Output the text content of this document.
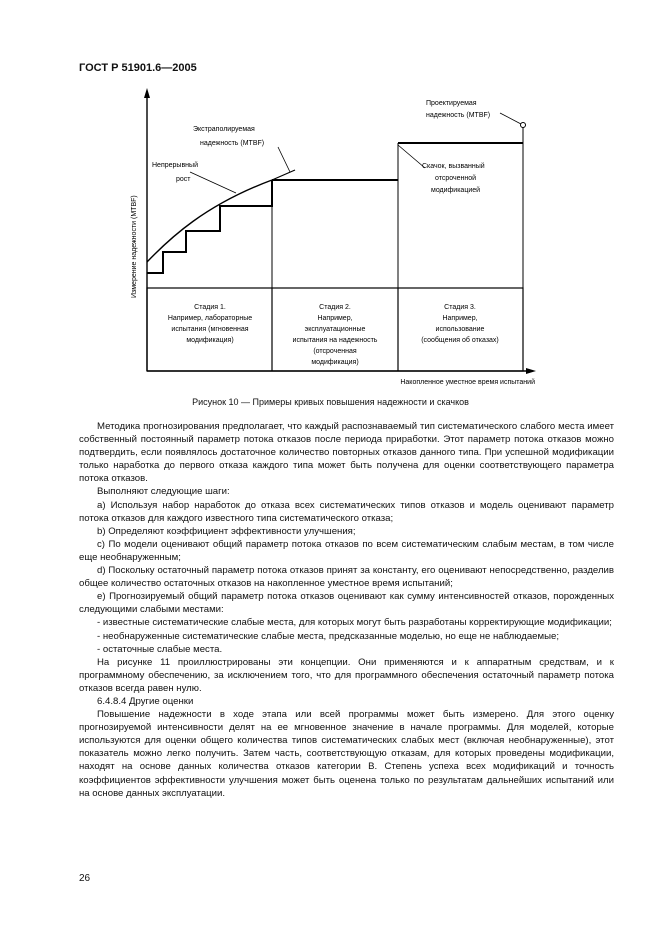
ГОСТ Р 51901.6—2005
Экстраполируемая
надежность (МТВF)
Непрерывный
рост
Проектируемая
надежность (МТВF)
Скачок, вызванный
отсроченной
модификацией
Измерение надежности (МТВF)
Стадия 1.
Например, лабораторные
испытания (мгновенная
модификация)
Стадия 2.
Например,
эксплуатационные
испытания на надежность
(отсроченная
модификация)
Стадия 3.
Например,
использование
(сообщения об отказах)
Накопленное уместное время испытаний
Рисунок 10 — Примеры кривых повышения надежности и скачков

Методика прогнозирования предполагает, что каждый распознаваемый тип систематического слабого места имеет собственный постоянный параметр потока отказов после периода приработки. Этот параметр потока отказов можно подтвердить, если появлялось достаточное количество повторных отказов данного типа. При успешной модификации только наработка до первого отказа каждого типа может быть получена для оценки соответствующего параметра потока отказов.

Выполняют следующие шаги:

а) Используя набор наработок до отказа всех систематических типов отказов и модель оценивают параметр потока отказов для каждого известного типа систематического отказа;

b) Определяют коэффициент эффективности улучшения;

с) По модели оценивают общий параметр потока отказов по всем систематическим слабым местам, в том числе еще необнаруженным;

d) Поскольку остаточный параметр потока отказов принят за константу, его оценивают непосредственно, разделив общее количество остаточных отказов на накопленное уместное время испытаний;

е) Прогнозируемый общий параметр потока отказов оценивают как сумму интенсивностей отказов, порожденных следующими слабыми местами:

- известные систематические слабые места, для которых могут быть разработаны корректирующие модификации;

- необнаруженные систематические слабые места, предсказанные моделью, но еще не наблюдаемые;

- остаточные слабые места.

На рисунке 11 проиллюстрированы эти концепции. Они применяются и к аппаратным средствам, и к программному обеспечению, за исключением того, что для программного обеспечения остаточный параметр потока отказов всегда равен нулю.

6.4.8.4 Другие оценки

Повышение надежности в ходе этапа или всей программы может быть измерено. Для этого оценку прогнозируемой интенсивности делят на ее мгновенное значение в начале программы. Для моделей, которые используются для оценки общего количества типов систематических слабых мест (включая необнаруженные), этот показатель можно легко получить. Затем часть, соответствующую отказам, для которых проведены модификации, находят на основе данных количества отказов категории В. Степень успеха всех модификаций и точность коэффициентов эффективности улучшения может быть оценена только по результатам дальнейших испытаний или на основе данных эксплуатации.

26
